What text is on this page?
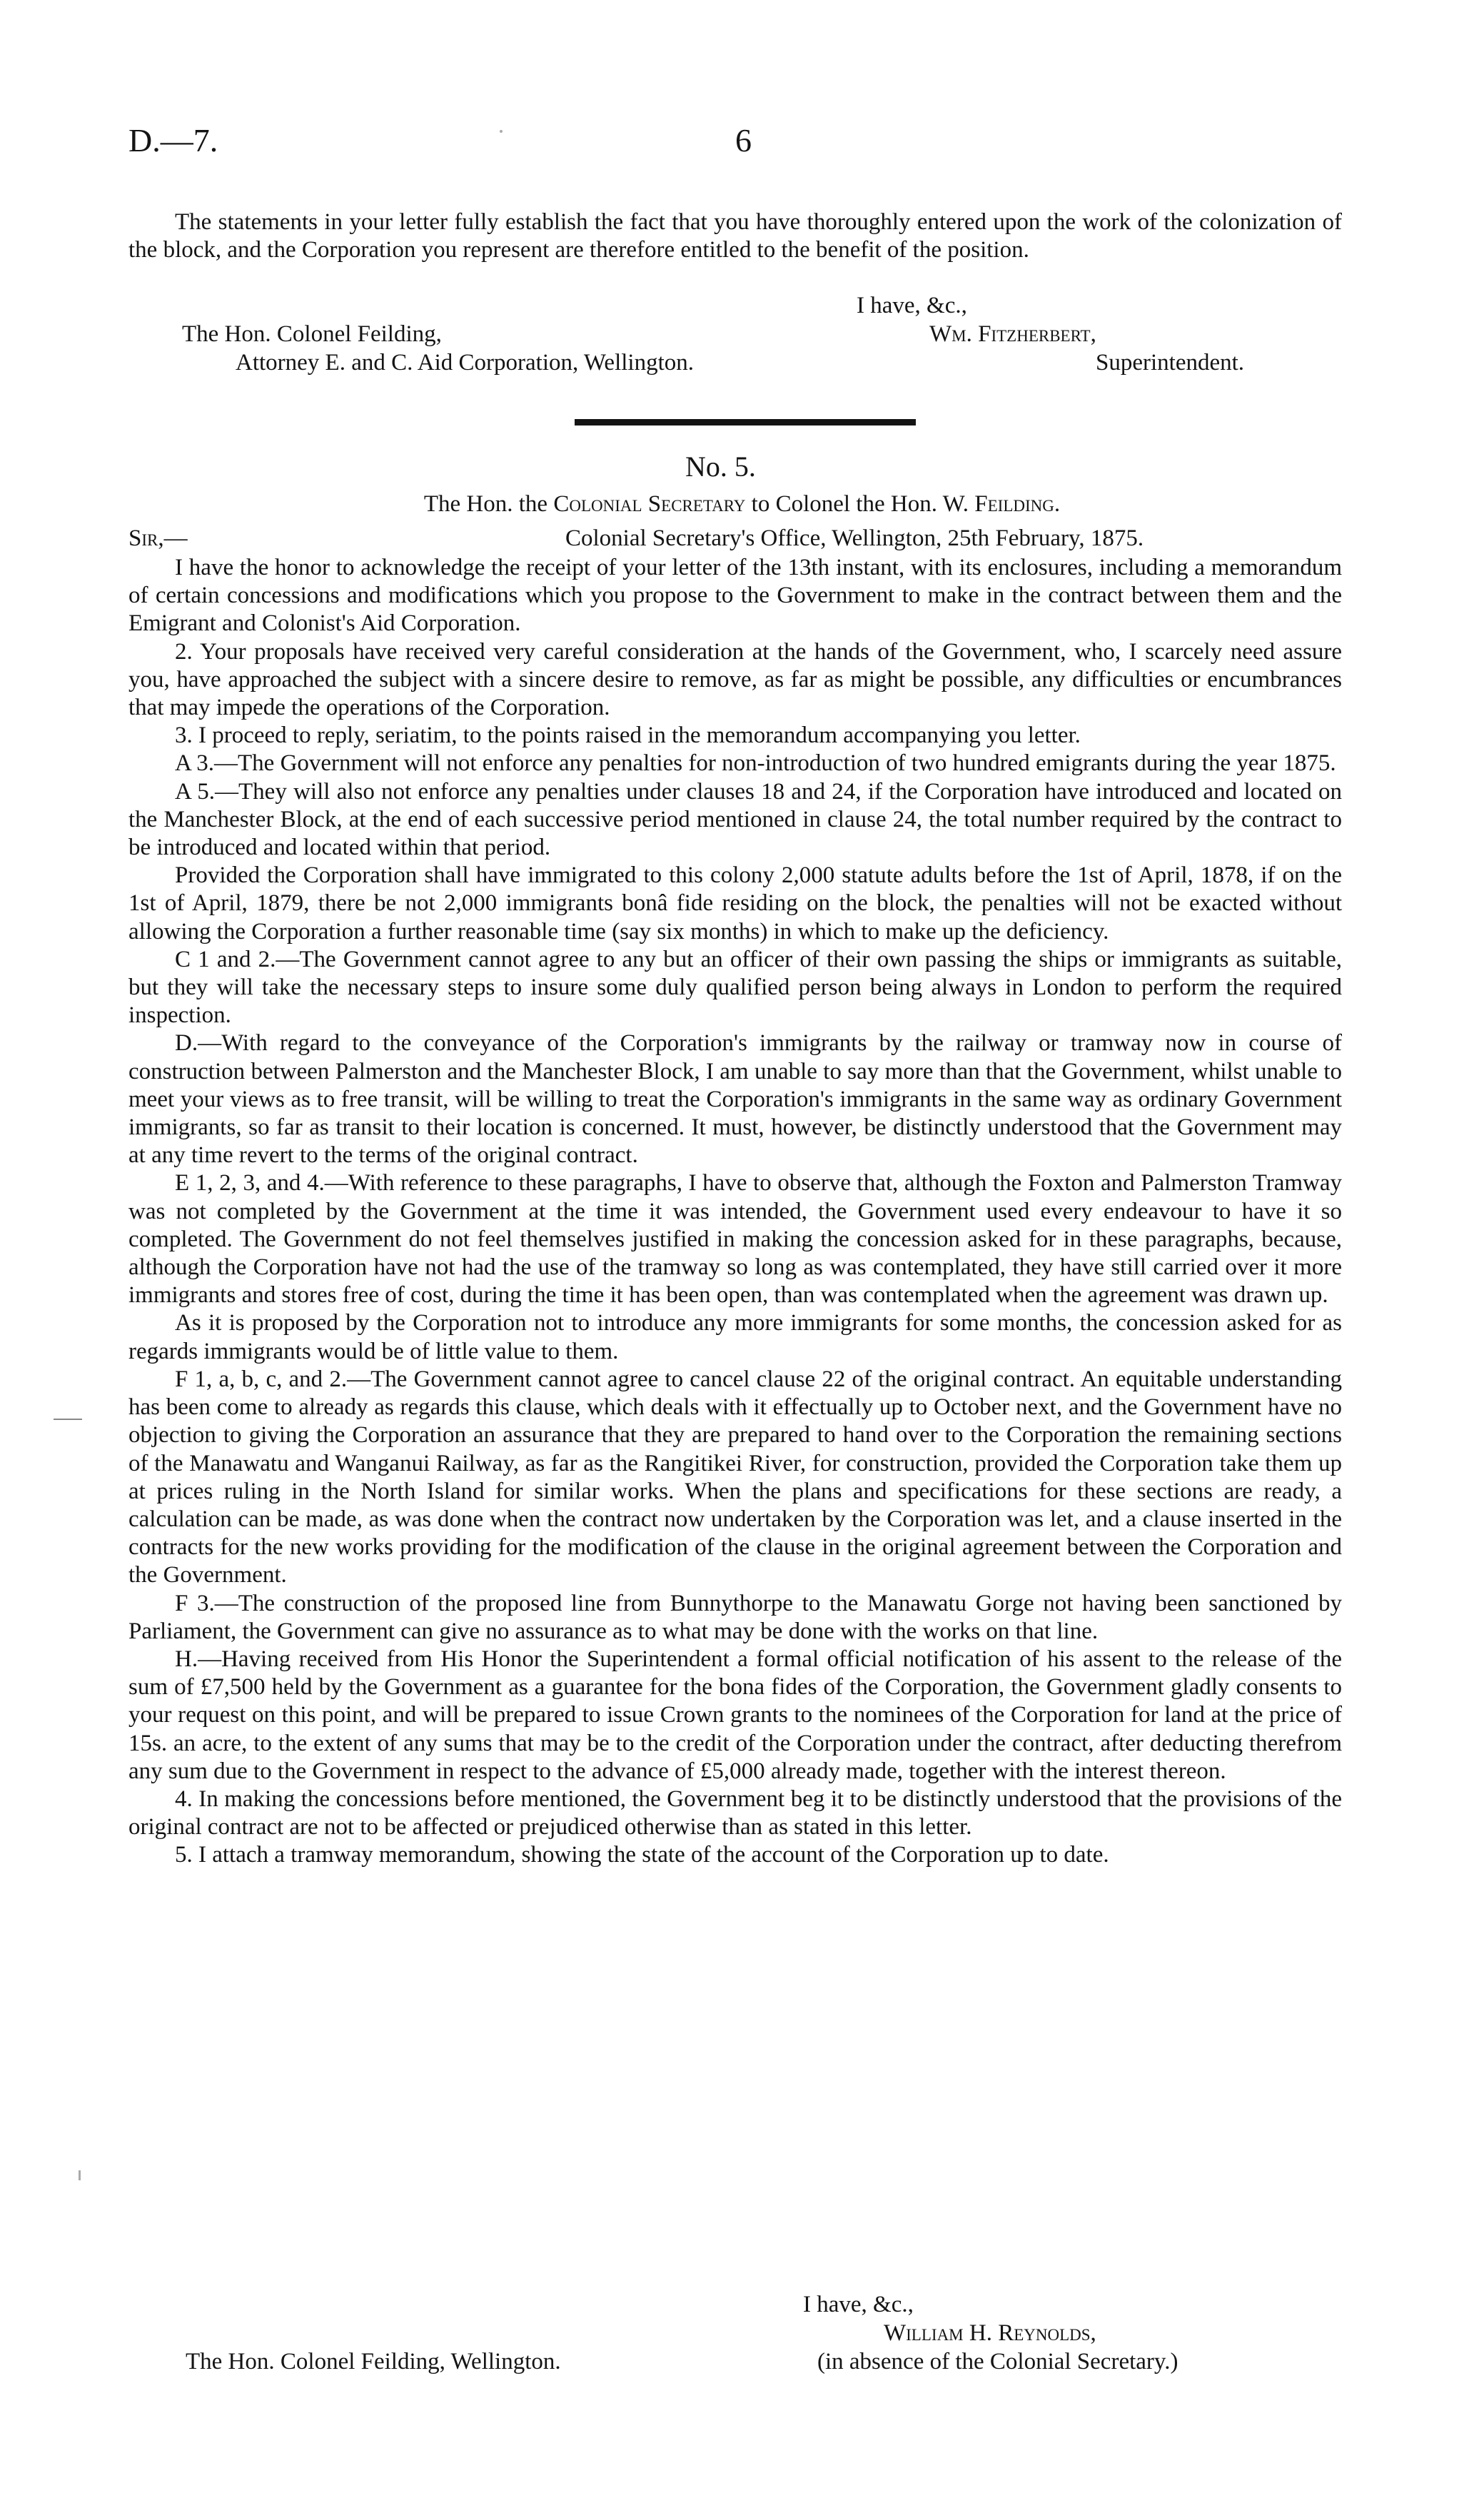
D.—7.	6

The statements in your letter fully establish the fact that you have thoroughly entered upon the work of the colonization of the block, and the Corporation you represent are therefore entitled to the benefit of the position.

I have, &c.,
The Hon. Colonel Feilding,	Wm. Fitzherbert,
Attorney E. and C. Aid Corporation, Wellington.	Superintendent.
No. 5.
The Hon. the Colonial Secretary to Colonel the Hon. W. Feilding.
Sir,—	Colonial Secretary's Office, Wellington, 25th February, 1875.

I have the honor to acknowledge the receipt of your letter of the 13th instant, with its enclosures, including a memorandum of certain concessions and modifications which you propose to the Government to make in the contract between them and the Emigrant and Colonist's Aid Corporation.

2. Your proposals have received very careful consideration at the hands of the Government, who, I scarcely need assure you, have approached the subject with a sincere desire to remove, as far as might be possible, any difficulties or encumbrances that may impede the operations of the Corporation.

3. I proceed to reply, seriatim, to the points raised in the memorandum accompanying you letter.

A 3.—The Government will not enforce any penalties for non-introduction of two hundred emigrants during the year 1875.

A 5.—They will also not enforce any penalties under clauses 18 and 24, if the Corporation have introduced and located on the Manchester Block, at the end of each successive period mentioned in clause 24, the total number required by the contract to be introduced and located within that period.

Provided the Corporation shall have immigrated to this colony 2,000 statute adults before the 1st of April, 1878, if on the 1st of April, 1879, there be not 2,000 immigrants bonâ fide residing on the block, the penalties will not be exacted without allowing the Corporation a further reasonable time (say six months) in which to make up the deficiency.

C 1 and 2.—The Government cannot agree to any but an officer of their own passing the ships or immigrants as suitable, but they will take the necessary steps to insure some duly qualified person being always in London to perform the required inspection.

D.—With regard to the conveyance of the Corporation's immigrants by the railway or tramway now in course of construction between Palmerston and the Manchester Block, I am unable to say more than that the Government, whilst unable to meet your views as to free transit, will be willing to treat the Corporation's immigrants in the same way as ordinary Government immigrants, so far as transit to their location is concerned. It must, however, be distinctly understood that the Government may at any time revert to the terms of the original contract.

E 1, 2, 3, and 4.—With reference to these paragraphs, I have to observe that, although the Foxton and Palmerston Tramway was not completed by the Government at the time it was intended, the Government used every endeavour to have it so completed. The Government do not feel themselves justified in making the concession asked for in these paragraphs, because, although the Corporation have not had the use of the tramway so long as was contemplated, they have still carried over it more immigrants and stores free of cost, during the time it has been open, than was contemplated when the agreement was drawn up.

As it is proposed by the Corporation not to introduce any more immigrants for some months, the concession asked for as regards immigrants would be of little value to them.

F 1, a, b, c, and 2.—The Government cannot agree to cancel clause 22 of the original contract. An equitable understanding has been come to already as regards this clause, which deals with it effectually up to October next, and the Government have no objection to giving the Corporation an assurance that they are prepared to hand over to the Corporation the remaining sections of the Manawatu and Wanganui Railway, as far as the Rangitikei River, for construction, provided the Corporation take them up at prices ruling in the North Island for similar works. When the plans and specifications for these sections are ready, a calculation can be made, as was done when the contract now undertaken by the Corporation was let, and a clause inserted in the contracts for the new works providing for the modification of the clause in the original agreement between the Corporation and the Government.

F 3.—The construction of the proposed line from Bunnythorpe to the Manawatu Gorge not having been sanctioned by Parliament, the Government can give no assurance as to what may be done with the works on that line.

H.—Having received from His Honor the Superintendent a formal official notification of his assent to the release of the sum of £7,500 held by the Government as a guarantee for the bona fides of the Corporation, the Government gladly consents to your request on this point, and will be prepared to issue Crown grants to the nominees of the Corporation for land at the price of 15s. an acre, to the extent of any sums that may be to the credit of the Corporation under the contract, after deducting therefrom any sum due to the Government in respect to the advance of £5,000 already made, together with the interest thereon.

4. In making the concessions before mentioned, the Government beg it to be distinctly understood that the provisions of the original contract are not to be affected or prejudiced otherwise than as stated in this letter.

5. I attach a tramway memorandum, showing the state of the account of the Corporation up to date.

I have, &c.,
William H. Reynolds,
The Hon. Colonel Feilding, Wellington.	(in absence of the Colonial Secretary.)
